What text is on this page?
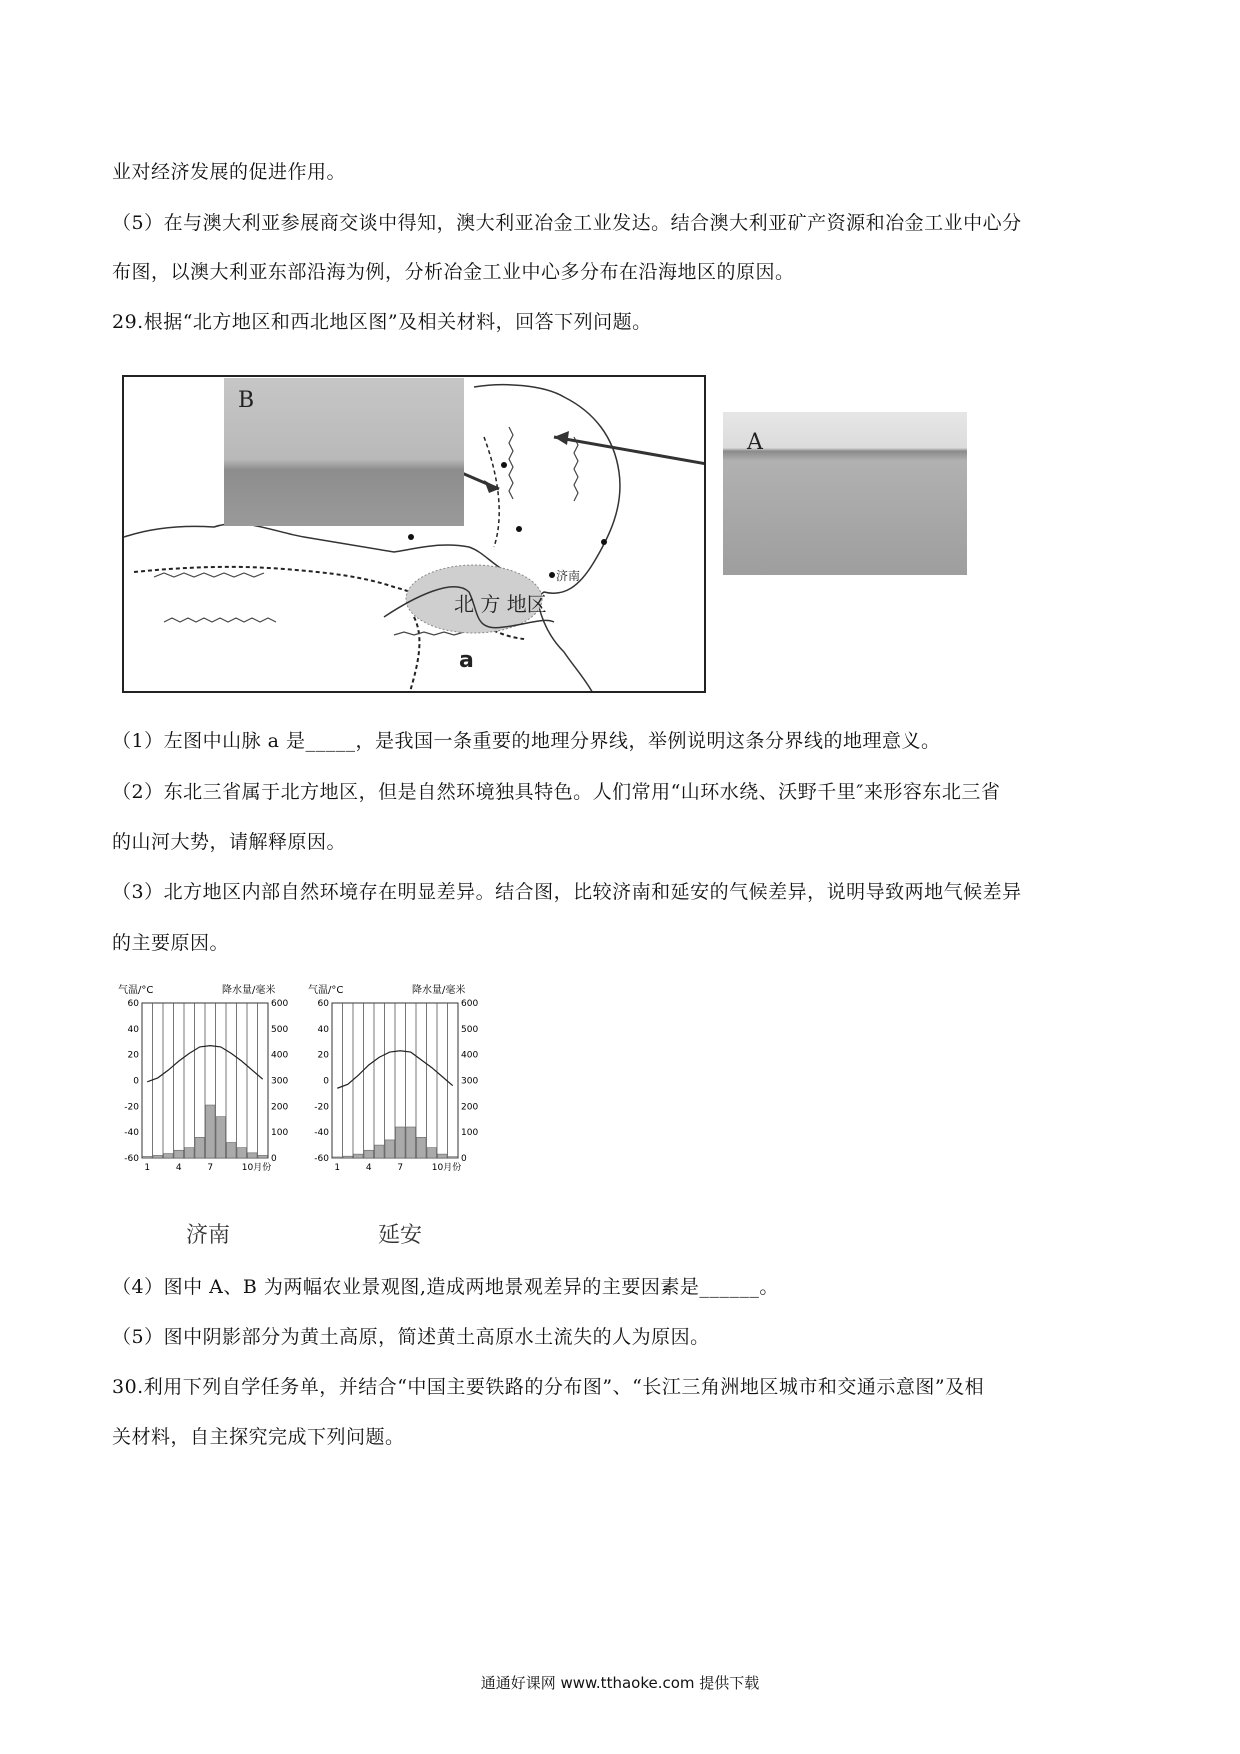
业对经济发展的促进作用。
（5）在与澳大利亚参展商交谈中得知，澳大利亚冶金工业发达。结合澳大利亚矿产资源和冶金工业中心分
布图，以澳大利亚东部沿海为例，分析冶金工业中心多分布在沿海地区的原因。
29.根据“北方地区和西北地区图”及相关材料，回答下列问题。
北 方 地区
a
济南
B
A
（1）左图中山脉 a 是_____，是我国一条重要的地理分界线，举例说明这条分界线的地理意义。
（2）东北三省属于北方地区，但是自然环境独具特色。人们常用“山环水绕、沃野千里″来形容东北三省
的山河大势，请解释原因。
（3）北方地区内部自然环境存在明显差异。结合图，比较济南和延安的气候差异，说明导致两地气候差异
的主要原因。
气温/°C	降水量/毫米
-60
-40
-20
0
20
40
60
0
100
200
300
400
500
600
1	4	7	10月份
气温/°C	降水量/毫米
-60
-40
-20
0
20
40
60
0
100
200
300
400
500
600
1	4	7	10月份
济南	延安
（4）图中 A、B 为两幅农业景观图,造成两地景观差异的主要因素是______。
（5）图中阴影部分为黄土高原，简述黄土高原水土流失的人为原因。
30.利用下列自学任务单，并结合“中国主要铁路的分布图”、“长江三角洲地区城市和交通示意图”及相
关材料，自主探究完成下列问题。
通通好课网 www.tthaoke.com 提供下载
